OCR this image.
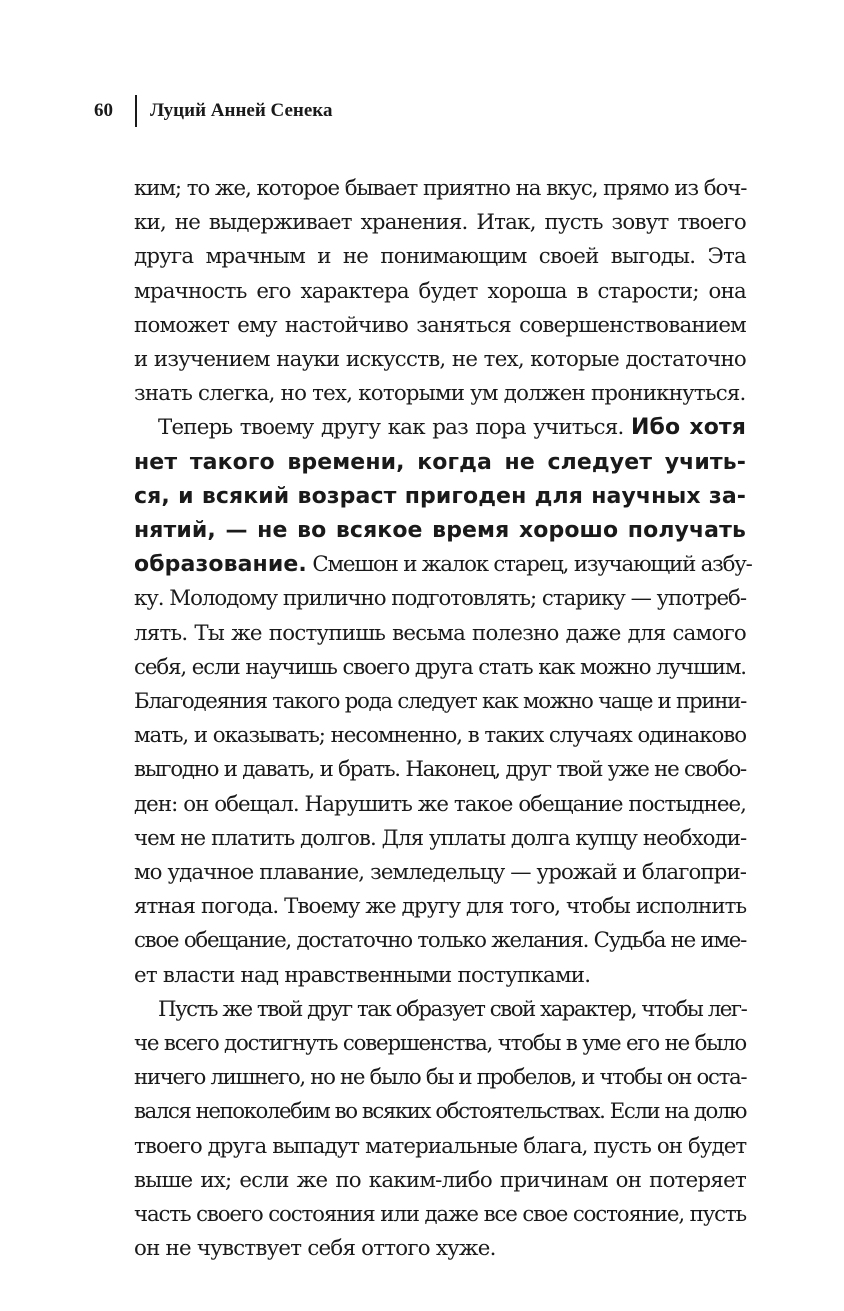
60	Луций Анней Сенека
ким; то же, которое бывает приятно на вкус, прямо из боч-
ки, не выдерживает хранения. Итак, пусть зовут твоего
друга мрачным и не понимающим своей выгоды. Эта
мрачность его характера будет хороша в старости; она
поможет ему настойчиво заняться совершенствованием
и изучением науки искусств, не тех, которые достаточно
знать слегка, но тех, которыми ум должен проникнуться.
Теперь твоему другу как раз пора учиться. Ибо хотя
нет такого времени, когда не следует учить-
ся, и всякий возраст пригоден для научных за-
нятий, — не во всякое время хорошо получать
образование. Смешон и жалок старец, изучающий азбу-
ку. Молодому прилично подготовлять; старику — употреб-
лять. Ты же поступишь весьма полезно даже для самого
себя, если научишь своего друга стать как можно лучшим.
Благодеяния такого рода следует как можно чаще и прини-
мать, и оказывать; несомненно, в таких случаях одинаково
выгодно и давать, и брать. Наконец, друг твой уже не свобо-
ден: он обещал. Нарушить же такое обещание постыднее,
чем не платить долгов. Для уплаты долга купцу необходи-
мо удачное плавание, земледельцу — урожай и благопри-
ятная погода. Твоему же другу для того, чтобы исполнить
свое обещание, достаточно только желания. Судьба не име-
ет власти над нравственными поступками.
Пусть же твой друг так образует свой характер, чтобы лег-
че всего достигнуть совершенства, чтобы в уме его не было
ничего лишнего, но не было бы и пробелов, и чтобы он оста-
вался непоколебим во всяких обстоятельствах. Если на долю
твоего друга выпадут материальные блага, пусть он будет
выше их; если же по каким-либо причинам он потеряет
часть своего состояния или даже все свое состояние, пусть
он не чувствует себя оттого хуже.
